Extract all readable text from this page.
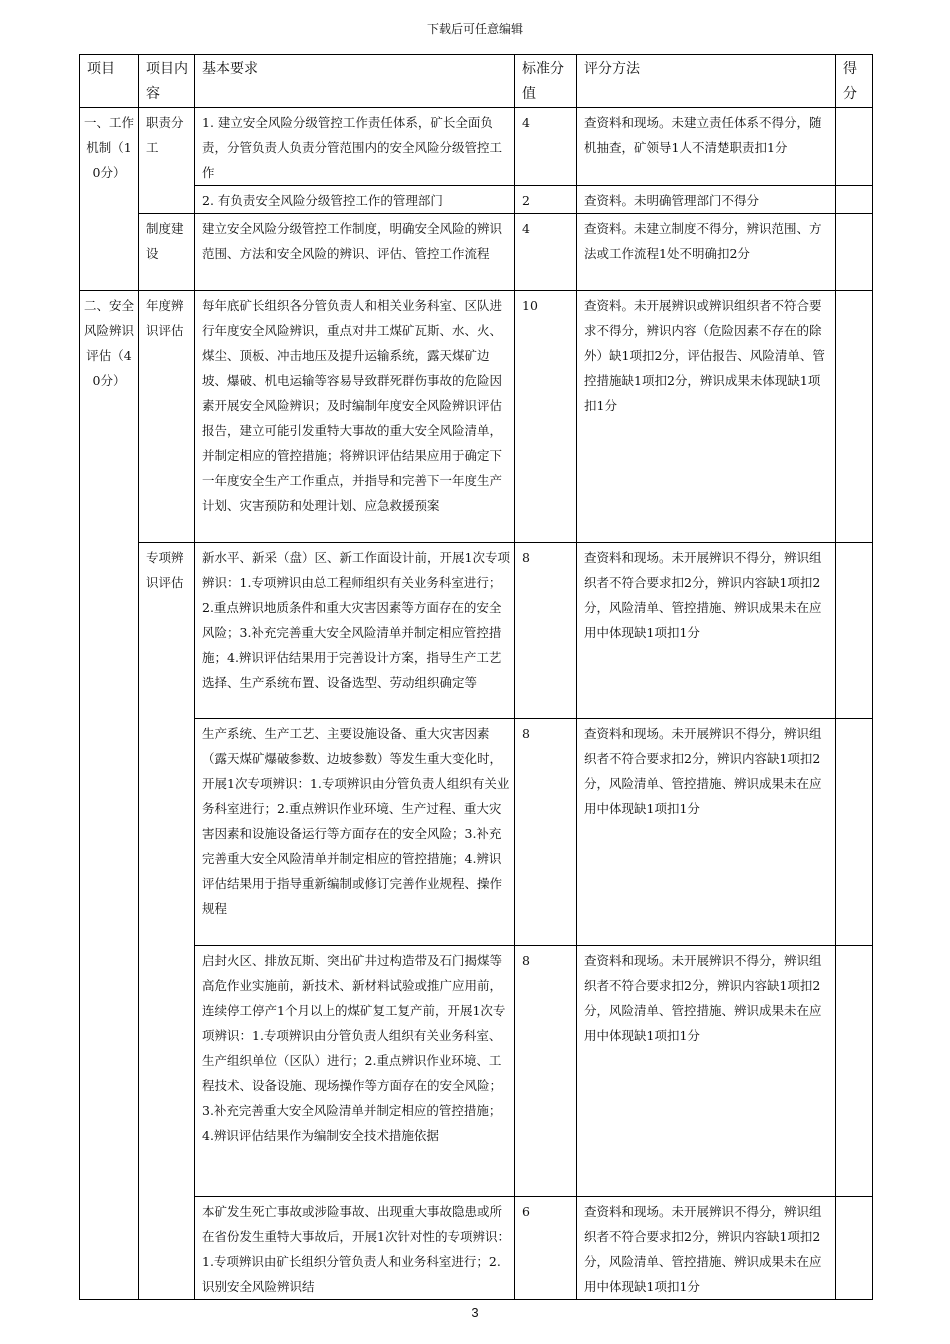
下载后可任意编辑
项目	项目内容	基本要求	标准分值	评分方法	得分
一、工作机制（10分）	职责分工	1. 建立安全风险分级管控工作责任体系，矿长全面负责，分管负责人负责分管范围内的安全风险分级管控工作	4	查资料和现场。未建立责任体系不得分，随机抽查，矿领导1人不清楚职责扣1分	
		2. 有负责安全风险分级管控工作的管理部门	2	查资料。未明确管理部门不得分	
	制度建设	建立安全风险分级管控工作制度，明确安全风险的辨识范围、方法和安全风险的辨识、评估、管控工作流程	4	查资料。未建立制度不得分，辨识范围、方法或工作流程1处不明确扣2分	
二、安全风险辨识评估（40分）	年度辨识评估	每年底矿长组织各分管负责人和相关业务科室、区队进行年度安全风险辨识，重点对井工煤矿瓦斯、水、火、煤尘、顶板、冲击地压及提升运输系统，露天煤矿边坡、爆破、机电运输等容易导致群死群伤事故的危险因素开展安全风险辨识；及时编制年度安全风险辨识评估报告，建立可能引发重特大事故的重大安全风险清单，并制定相应的管控措施；将辨识评估结果应用于确定下一年度安全生产工作重点，并指导和完善下一年度生产计划、灾害预防和处理计划、应急救援预案	10	查资料。未开展辨识或辨识组织者不符合要求不得分，辨识内容（危险因素不存在的除外）缺1项扣2分，评估报告、风险清单、管控措施缺1项扣2分，辨识成果未体现缺1项扣1分	
	专项辨识评估	新水平、新采（盘）区、新工作面设计前，开展1次专项辨识：1.专项辨识由总工程师组织有关业务科室进行；2.重点辨识地质条件和重大灾害因素等方面存在的安全风险；3.补充完善重大安全风险清单并制定相应管控措施；4.辨识评估结果用于完善设计方案，指导生产工艺选择、生产系统布置、设备选型、劳动组织确定等	8	查资料和现场。未开展辨识不得分，辨识组织者不符合要求扣2分，辨识内容缺1项扣2分，风险清单、管控措施、辨识成果未在应用中体现缺1项扣1分	
		生产系统、生产工艺、主要设施设备、重大灾害因素（露天煤矿爆破参数、边坡参数）等发生重大变化时，开展1次专项辨识：1.专项辨识由分管负责人组织有关业务科室进行；2.重点辨识作业环境、生产过程、重大灾害因素和设施设备运行等方面存在的安全风险；3.补充完善重大安全风险清单并制定相应的管控措施；4.辨识评估结果用于指导重新编制或修订完善作业规程、操作规程	8	查资料和现场。未开展辨识不得分，辨识组织者不符合要求扣2分，辨识内容缺1项扣2分，风险清单、管控措施、辨识成果未在应用中体现缺1项扣1分	
		启封火区、排放瓦斯、突出矿井过构造带及石门揭煤等高危作业实施前，新技术、新材料试验或推广应用前，连续停工停产1个月以上的煤矿复工复产前，开展1次专项辨识：1.专项辨识由分管负责人组织有关业务科室、生产组织单位（区队）进行；2.重点辨识作业环境、工程技术、设备设施、现场操作等方面存在的安全风险；3.补充完善重大安全风险清单并制定相应的管控措施；4.辨识评估结果作为编制安全技术措施依据	8	查资料和现场。未开展辨识不得分，辨识组织者不符合要求扣2分，辨识内容缺1项扣2分，风险清单、管控措施、辨识成果未在应用中体现缺1项扣1分	
		本矿发生死亡事故或涉险事故、出现重大事故隐患或所在省份发生重特大事故后，开展1次针对性的专项辨识：1.专项辨识由矿长组织分管负责人和业务科室进行；2.识别安全风险辨识结	6	查资料和现场。未开展辨识不得分，辨识组织者不符合要求扣2分，辨识内容缺1项扣2分，风险清单、管控措施、辨识成果未在应用中体现缺1项扣1分	
3
